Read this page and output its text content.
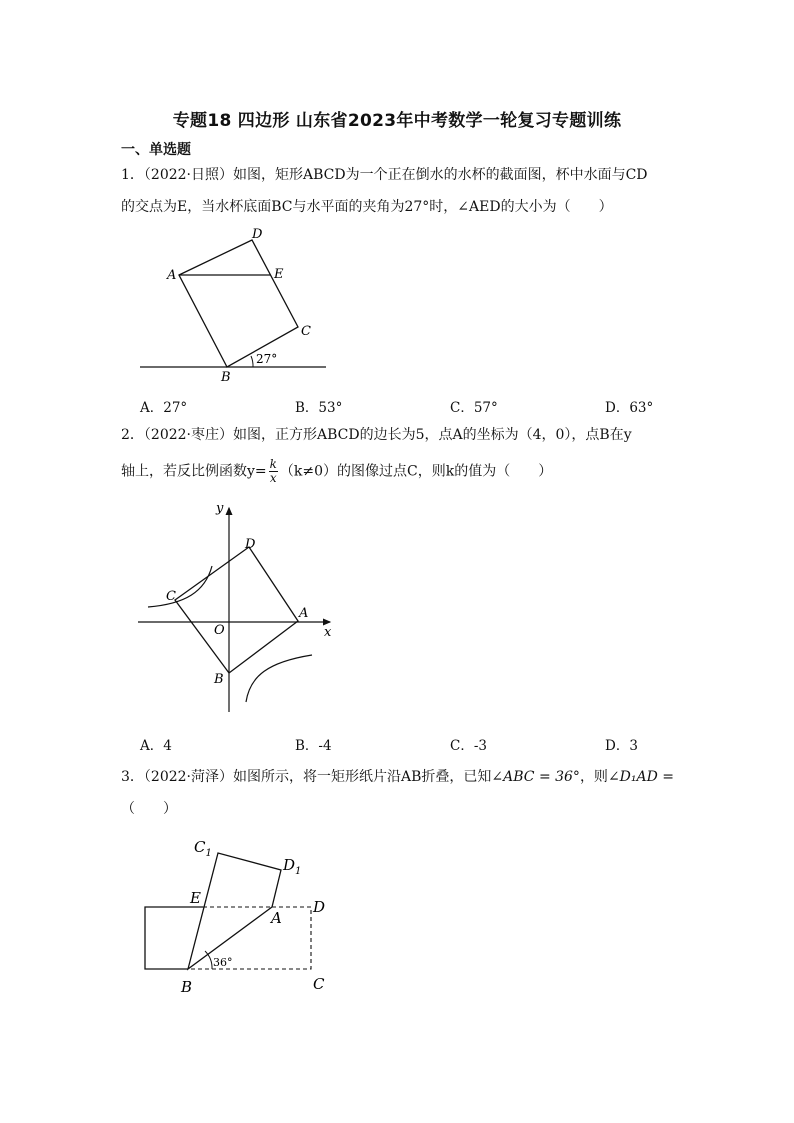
专题18 四边形 山东省2023年中考数学一轮复习专题训练
一、单选题
1．（2022·日照）如图，矩形ABCD为一个正在倒水的水杯的截面图，杯中水面与CD
的交点为E，当水杯底面BC与水平面的夹角为27°时，∠AED的大小为（　　）
D
A	E
C
B
27°
A．27°	B．53°	C．57°	D．63°
2．（2022·枣庄）如图，正方形ABCD的边长为5，点A的坐标为（4，0），点B在y
轴上，若反比例函数$y= \frac{k}{x} (k\ne 0)$的图像过点C，则k的值为（　　）
y
x
D
C
A
O
B
A．4	B．-4	C．-3	D．3
3．（2022·菏泽）如图所示，将一矩形纸片沿AB折叠，已知∠ABC = 36°，则∠D₁AD =
（　　）
$C_1$
$D_1$
E
A
D
C
B
36°
